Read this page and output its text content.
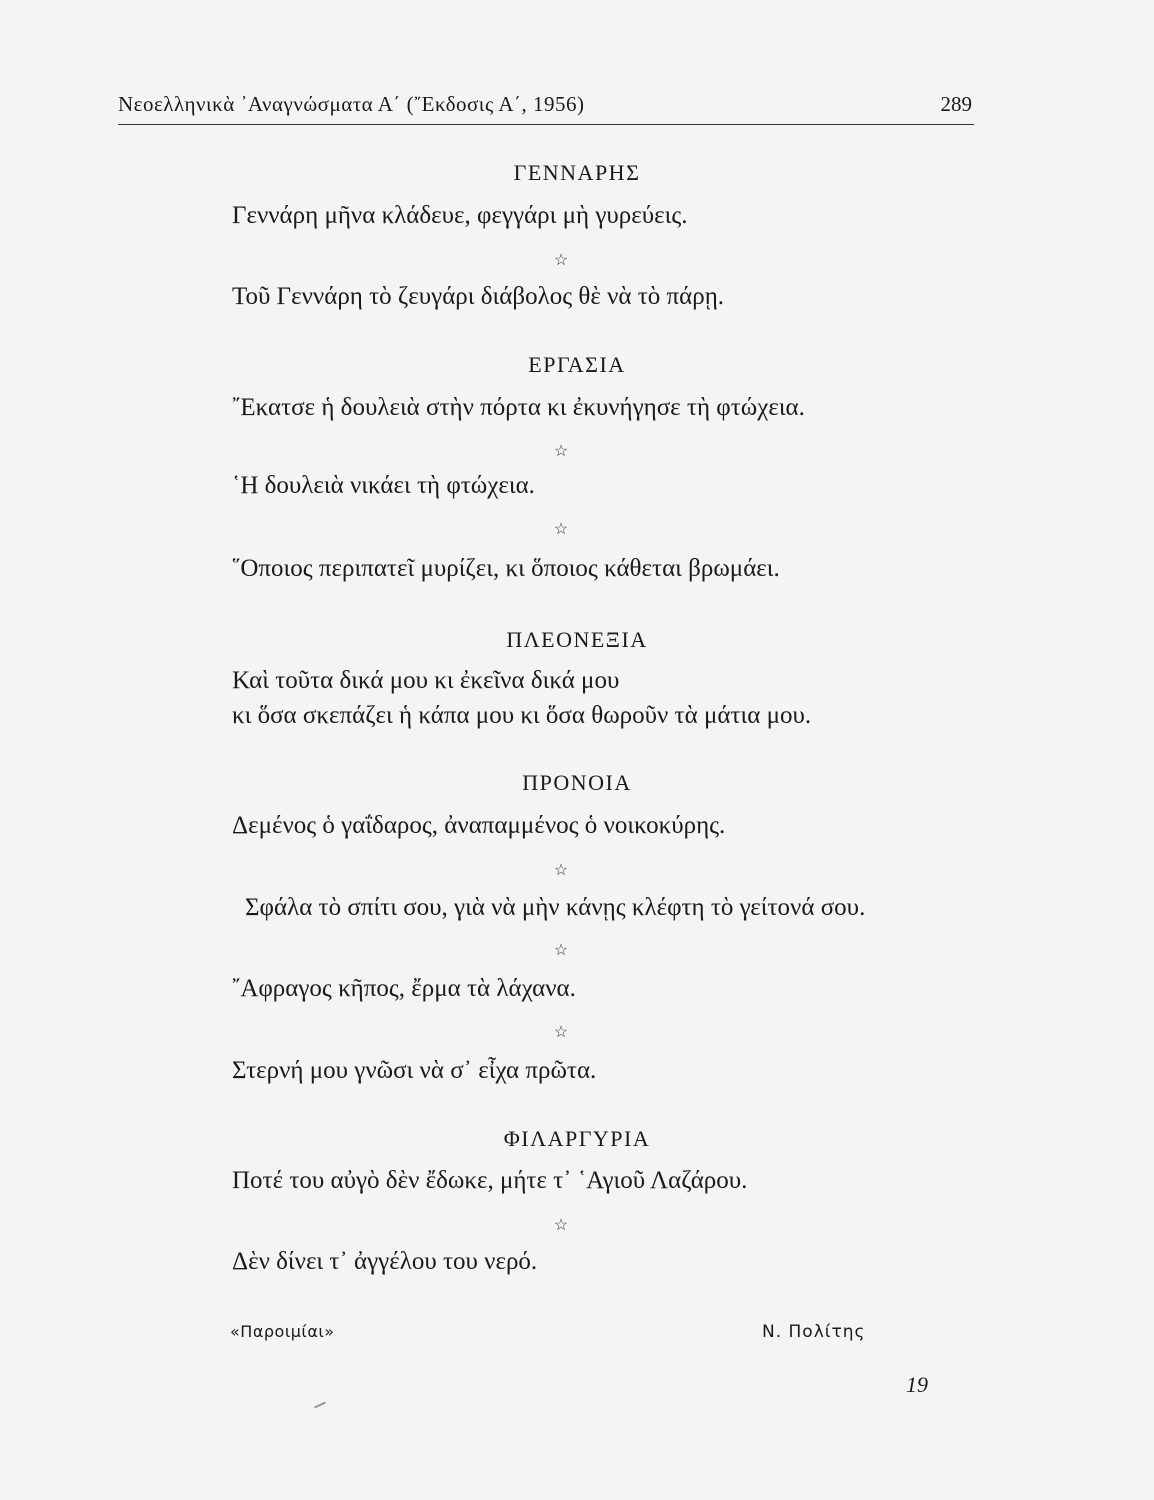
Νεοελληνικὰ ᾿Αναγνώσματα Α΄ (῎Εκδοσις Α΄, 1956)	289
ΓΕΝΝΑΡΗΣ
Γεννάρη μῆνα κλάδευε, φεγγάρι μὴ γυρεύεις.
☆
Τοῦ Γεννάρη τὸ ζευγάρι διάβολος θὲ νὰ τὸ πάρῃ.
ΕΡΓΑΣΙΑ
῎Εκατσε ἡ δουλειὰ στὴν πόρτα κι ἐκυνήγησε τὴ φτώχεια.
☆
῾Η δουλειὰ νικάει τὴ φτώχεια.
☆
῞Οποιος περιπατεῖ μυρίζει, κι ὅποιος κάθεται βρωμάει.
ΠΛΕΟΝΕΞΙΑ
Καὶ τοῦτα δικά μου κι ἐκεῖνα δικά μου
κι ὅσα σκεπάζει ἡ κάπα μου κι ὅσα θωροῦν τὰ μάτια μου.
ΠΡΟΝΟΙΑ
Δεμένος ὁ γαΐδαρος, ἀναπαμμένος ὁ νοικοκύρης.
☆
Σφάλα τὸ σπίτι σου, γιὰ νὰ μὴν κάνῃς κλέφτη τὸ γείτονά σου.
☆
῎Αφραγος κῆπος, ἔρμα τὰ λάχανα.
☆
Στερνή μου γνῶσι νὰ σ᾿ εἶχα πρῶτα.
ΦΙΛΑΡΓΥΡΙΑ
Ποτέ του αὐγὸ δὲν ἔδωκε, μήτε τ᾿ ῾Αγιοῦ Λαζάρου.
☆
Δὲν δίνει τ᾿ ἀγγέλου του νερό.
«Παροιμίαι»	Ν. Πολίτης
19
